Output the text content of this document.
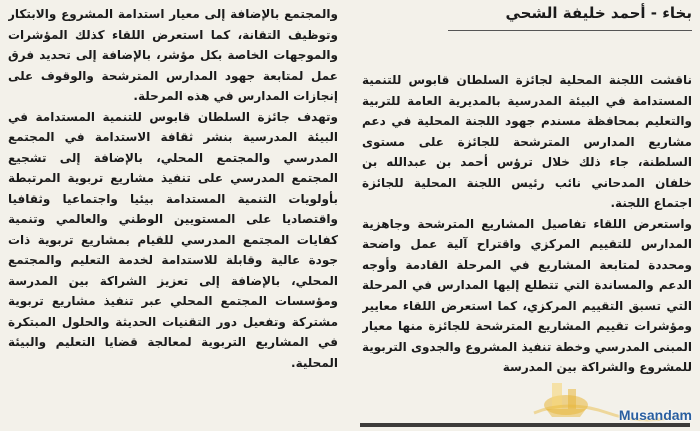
بخاء - أحمد خليفة الشحي

ناقشت اللجنة المحلية لجائزة السلطان قابوس للتنمية المستدامة في البيئة المدرسية بالمديرية العامة للتربية والتعليم بمحافظة مسندم جهود اللجنة المحلية في دعم مشاريع المدارس المترشحة للجائزة على مستوى السلطنة، جاء ذلك خلال ترؤس أحمد بن عبدالله بن خلفان المدحاني نائب رئيس اللجنة المحلية للجائزة اجتماع اللجنة.

واستعرض اللقاء تفاصيل المشاريع المترشحة وجاهزية المدارس للتقييم المركزي واقتراح آلية عمل واضحة ومحددة لمتابعة المشاريع في المرحلة القادمة وأوجه الدعم والمساندة التي تتطلع إليها المدارس في المرحلة التي تسبق التقييم المركزي، كما استعرض اللقاء معايير ومؤشرات تقييم المشاريع المترشحة للجائزة منها معيار المبنى المدرسي وخطة تنفيذ المشروع والجدوى التربوية للمشروع والشراكة بين المدرسة

والمجتمع بالإضافة إلى معيار استدامة المشروع والابتكار وتوظيف التقانة، كما استعرض اللقاء كذلك المؤشرات والموجهات الخاصة بكل مؤشر، بالإضافة إلى تحديد فرق عمل لمتابعة جهود المدارس المترشحة والوقوف على إنجازات المدارس في هذه المرحلة.

وتهدف جائزة السلطان قابوس للتنمية المستدامة في البيئة المدرسية بنشر ثقافة الاستدامة في المجتمع المدرسي والمجتمع المحلي، بالإضافة إلى تشجيع المجتمع المدرسي على تنفيذ مشاريع تربوية المرتبطة بأولويات التنمية المستدامة بيئيا واجتماعيا وثقافيا واقتصاديا على المستويين الوطني والعالمي وتنمية كفايات المجتمع المدرسي للقيام بمشاريع تربوية ذات جودة عالية وقابلة للاستدامة لخدمة التعليم والمجتمع المحلي، بالإضافة إلى تعزيز الشراكة بين المدرسة ومؤسسات المجتمع المحلي عبر تنفيذ مشاريع تربوية مشتركة وتفعيل دور التقنيات الحديثة والحلول المبتكرة في المشاريع التربوية لمعالجة قضايا التعليم والبيئة المحلية.

Musandam
